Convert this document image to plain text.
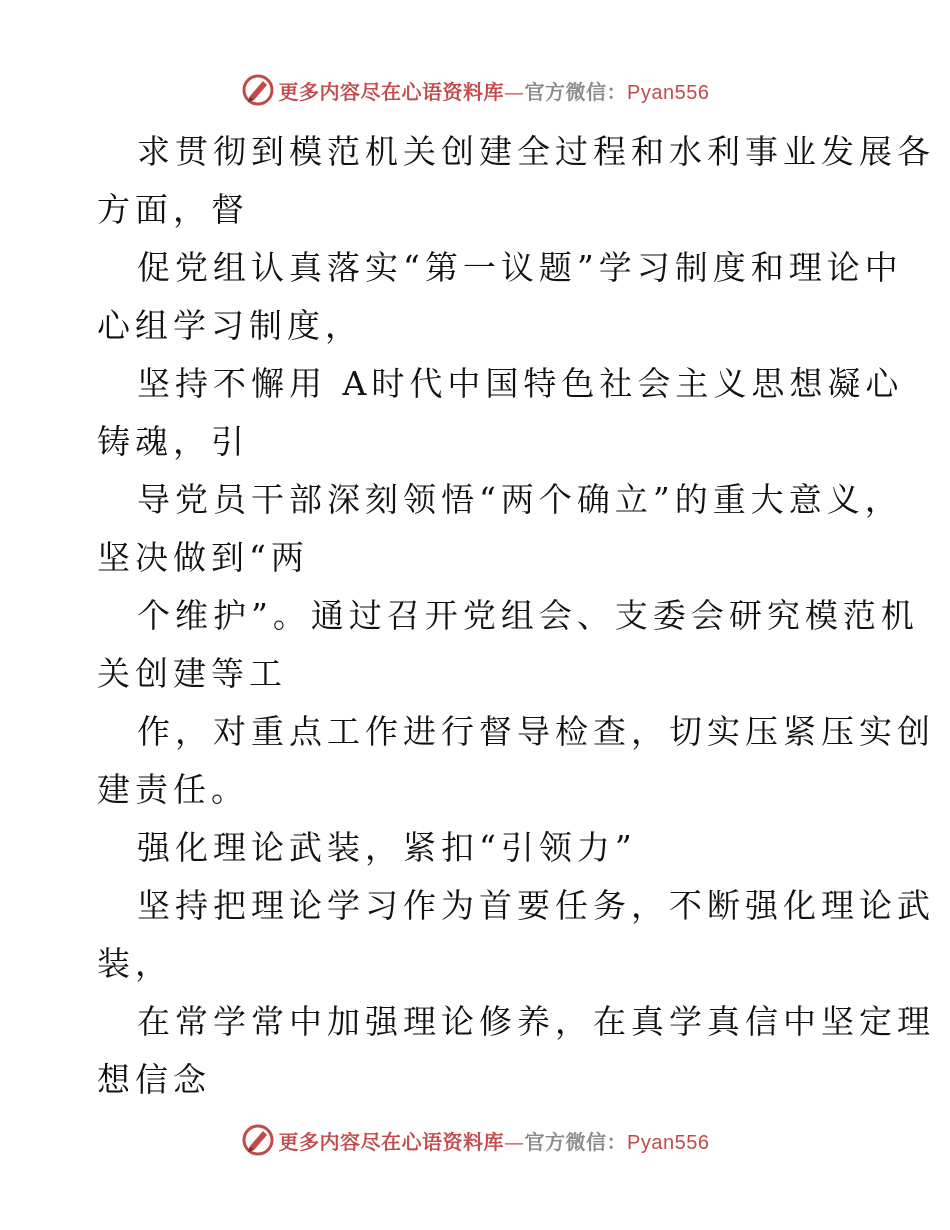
更多内容尽在心语资料库—官方微信：Pyan556

求贯彻到模范机关创建全过程和水利事业发展各

方面，督

促党组认真落实“第一议题”学习制度和理论中

心组学习制度，

坚持不懈用 A时代中国特色社会主义思想凝心

铸魂，引

导党员干部深刻领悟“两个确立”的重大意义，

坚决做到“两

个维护”。通过召开党组会、支委会研究模范机

关创建等工

作，对重点工作进行督导检查，切实压紧压实创

建责任。

强化理论武装，紧扣“引领力”

坚持把理论学习作为首要任务，不断强化理论武

装，

在常学常中加强理论修养，在真学真信中坚定理

想信念

更多内容尽在心语资料库—官方微信：Pyan556
